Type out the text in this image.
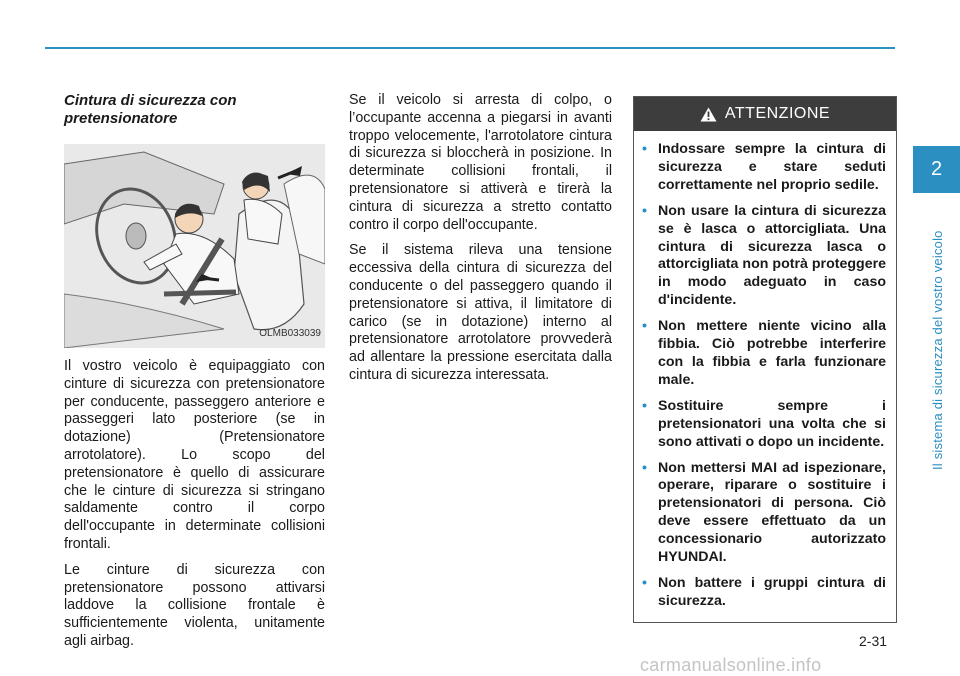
Cintura di sicurezza con pretensionatore
OLMB033039

Il vostro veicolo è equipaggiato con cinture di sicurezza con pretensionatore per conducente, passeggero anteriore e passeggeri lato posteriore (se in dotazione) (Pretensionatore arrotolatore). Lo scopo del pretensionatore è quello di assicurare che le cinture di sicurezza si stringano saldamente contro il corpo dell'occupante in determinate collisioni frontali.

Le cinture di sicurezza con pretensionatore possono attivarsi laddove la collisione frontale è sufficientemente violenta, unitamente agli airbag.

Se il veicolo si arresta di colpo, o l’occupante accenna a piegarsi in avanti troppo velocemente, l'arrotolatore cintura di sicurezza si bloccherà in posizione. In determinate collisioni frontali, il pretensionatore si attiverà e tirerà la cintura di sicurezza a stretto contatto contro il corpo dell'occupante.

Se il sistema rileva una tensione eccessiva della cintura di sicurezza del conducente o del passeggero quando il pretensionatore si attiva, il limitatore di carico (se in dotazione) interno al pretensionatore arrotolatore provvederà ad allentare la pressione esercitata dalla cintura di sicurezza interessata.

ATTENZIONE
• Indossare sempre la cintura di sicurezza e stare seduti correttamente nel proprio sedile.
• Non usare la cintura di sicurezza se è lasca o attorcigliata. Una cintura di sicurezza lasca o attorcigliata non potrà proteggere in modo adeguato in caso d'incidente.
• Non mettere niente vicino alla fibbia. Ciò potrebbe interferire con la fibbia e farla funzionare male.
• Sostituire sempre i pretensionatori una volta che si sono attivati o dopo un incidente.
• Non mettersi MAI ad ispezionare, operare, riparare o sostituire i pretensionatori di persona. Ciò deve essere effettuato da un concessionario autorizzato HYUNDAI.
• Non battere i gruppi cintura di sicurezza.
2
Il sistema di sicurezza del vostro veicolo
2-31
carmanualsonline.info
